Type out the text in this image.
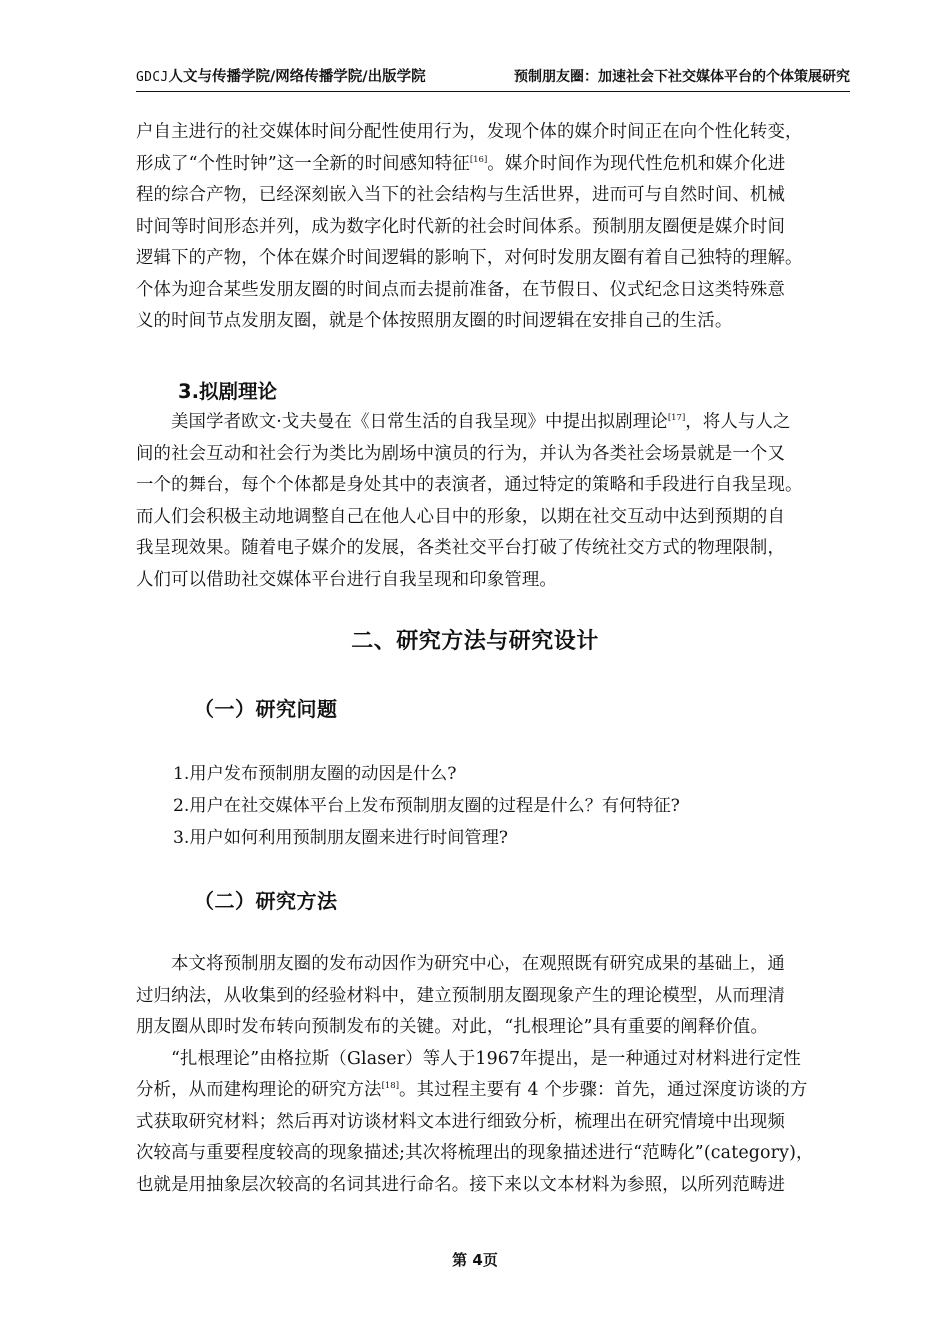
GDCJ人文与传播学院/网络传播学院/出版学院	预制朋友圈：加速社会下社交媒体平台的个体策展研究

户自主进行的社交媒体时间分配性使用行为，发现个体的媒介时间正在向个性化转变，
形成了“个性时钟”这一全新的时间感知特征[16]。媒介时间作为现代性危机和媒介化进
程的综合产物，已经深刻嵌入当下的社会结构与生活世界，进而可与自然时间、机械
时间等时间形态并列，成为数字化时代新的社会时间体系。预制朋友圈便是媒介时间
逻辑下的产物，个体在媒介时间逻辑的影响下，对何时发朋友圈有着自己独特的理解。
个体为迎合某些发朋友圈的时间点而去提前准备，在节假日、仪式纪念日这类特殊意
义的时间节点发朋友圈，就是个体按照朋友圈的时间逻辑在安排自己的生活。

3.拟剧理论

美国学者欧文·戈夫曼在《日常生活的自我呈现》中提出拟剧理论[17]，将人与人之
间的社会互动和社会行为类比为剧场中演员的行为，并认为各类社会场景就是一个又
一个的舞台，每个个体都是身处其中的表演者，通过特定的策略和手段进行自我呈现。
而人们会积极主动地调整自己在他人心目中的形象，以期在社交互动中达到预期的自
我呈现效果。随着电子媒介的发展，各类社交平台打破了传统社交方式的物理限制，
人们可以借助社交媒体平台进行自我呈现和印象管理。

二、研究方法与研究设计
（一）研究问题
1.用户发布预制朋友圈的动因是什么?
2.用户在社交媒体平台上发布预制朋友圈的过程是什么？有何特征?
3.用户如何利用预制朋友圈来进行时间管理?
（二）研究方法

本文将预制朋友圈的发布动因作为研究中心，在观照既有研究成果的基础上，通
过归纳法，从收集到的经验材料中，建立预制朋友圈现象产生的理论模型，从而理清
朋友圈从即时发布转向预制发布的关键。对此，“扎根理论”具有重要的阐释价值。

“扎根理论”由格拉斯（Glaser）等人于1967年提出，是一种通过对材料进行定性
分析，从而建构理论的研究方法[18]。其过程主要有 4 个步骤：首先，通过深度访谈的方
式获取研究材料；然后再对访谈材料文本进行细致分析，梳理出在研究情境中出现频
次较高与重要程度较高的现象描述;其次将梳理出的现象描述进行“范畴化”(category)，
也就是用抽象层次较高的名词其进行命名。接下来以文本材料为参照，以所列范畴进

第 4页
